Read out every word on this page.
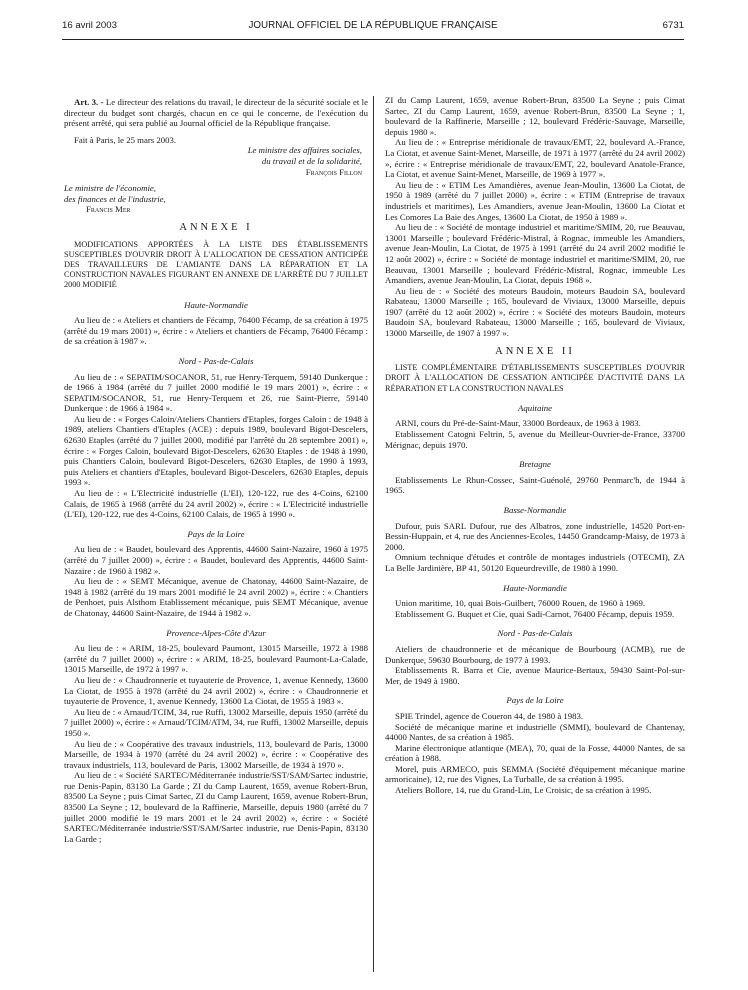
16 avril 2003	JOURNAL OFFICIEL DE LA RÉPUBLIQUE FRANÇAISE	6731

Art. 3. - Le directeur des relations du travail, le directeur de la sécurité sociale et le directeur du budget sont chargés, chacun en ce qui le concerne, de l'exécution du présent arrêté, qui sera publié au Journal officiel de la République française.

Fait à Paris, le 25 mars 2003.

Le ministre des affaires sociales,
du travail et de la solidarité,
François Fillon
Le ministre de l'économie,
des finances et de l'industrie,
Francis Mer
ANNEXE I

MODIFICATIONS APPORTÉES À LA LISTE DES ÉTABLISSEMENTS SUSCEPTIBLES D'OUVRIR DROIT À L'ALLOCATION DE CESSATION ANTICIPÉE DES TRAVAILLEURS DE L'AMIANTE DANS LA RÉPARATION ET LA CONSTRUCTION NAVALES FIGURANT EN ANNEXE DE L'ARRÊTÉ DU 7 JUILLET 2000 MODIFIÉ

Haute-Normandie

Au lieu de : « Ateliers et chantiers de Fécamp, 76400 Fécamp, de sa création à 1975 (arrêté du 19 mars 2001) », écrire : « Ateliers et chantiers de Fécamp, 76400 Fécamp : de sa création à 1987 ».

Nord - Pas-de-Calais

Au lieu de : « SEPATIM/SOCANOR, 51, rue Henry-Terquem, 59140 Dunkerque : de 1966 à 1984 (arrêté du 7 juillet 2000 modifié le 19 mars 2001) », écrire : « SEPATIM/SOCANOR, 51, rue Henry-Terquem et 26, rue Saint-Pierre, 59140 Dunkerque : de 1966 à 1984 ».

Au lieu de : « Forges Caloin/Ateliers Chantiers d'Etaples, forges Caloin : de 1948 à 1989, ateliers Chantiers d'Etaples (ACE) : depuis 1989, boulevard Bigot-Descelers, 62630 Etaples (arrêté du 7 juillet 2000, modifié par l'arrêté du 28 septembre 2001) », écrire : « Forges Caloin, boulevard Bigot-Descelers, 62630 Etaples : de 1948 à 1990, puis Chantiers Caloin, boulevard Bigot-Descelers, 62630 Etaples, de 1990 à 1993, puis Ateliers et chantiers d'Etaples, boulevard Bigot-Descelers, 62630 Etaples, depuis 1993 ».

Au lieu de : « L'Electricité industrielle (L'EI), 120-122, rue des 4-Coins, 62100 Calais, de 1965 à 1968 (arrêté du 24 avril 2002) », écrire : « L'Electricité industrielle (L'EI), 120-122, rue des 4-Coins, 62100 Calais, de 1965 à 1990 ».

Pays de la Loire

Au lieu de : « Baudet, boulevard des Apprentis, 44600 Saint-Nazaire, 1960 à 1975 (arrêté du 7 juillet 2000) », écrire : « Baudet, boulevard des Apprentis, 44600 Saint-Nazaire : de 1960 à 1982 ».

Au lieu de : « SEMT Mécanique, avenue de Chatonay, 44600 Saint-Nazaire, de 1948 à 1982 (arrêté du 19 mars 2001 modifié le 24 avril 2002) », écrire : « Chantiers de Penhoet, puis Alsthom Etablissement mécanique, puis SEMT Mécanique, avenue de Chatonay, 44600 Saint-Nazaire, de 1944 à 1982 ».

Provence-Alpes-Côte d'Azur

Au lieu de : « ARIM, 18-25, boulevard Paumont, 13015 Marseille, 1972 à 1988 (arrêté du 7 juillet 2000) », écrire : « ARIM, 18-25, boulevard Paumont-La-Calade, 13015 Marseille, de 1972 à 1997 ».

Au lieu de : « Chaudronnerie et tuyauterie de Provence, 1, avenue Kennedy, 13600 La Ciotat, de 1955 à 1978 (arrêté du 24 avril 2002) », écrire : « Chaudronnerie et tuyauterie de Provence, 1, avenue Kennedy, 13600 La Ciotat, de 1955 à 1983 ».

Au lieu de : « Arnaud/TCIM, 34, rue Ruffi, 13002 Marseille, depuis 1950 (arrêté du 7 juillet 2000) », écrire : « Arnaud/TCIM/ATM, 34, rue Ruffi, 13002 Marseille, depuis 1950 ».

Au lieu de : « Coopérative des travaux industriels, 113, boulevard de Paris, 13000 Marseille, de 1934 à 1970 (arrêté du 24 avril 2002) », écrire : « Coopérative des travaux industriels, 113, boulevard de Paris, 13002 Marseille, de 1934 à 1970 ».

Au lieu de : « Société SARTEC/Méditerranée industrie/SST/SAM/Sartec industrie, rue Denis-Papin, 83130 La Garde ; ZI du Camp Laurent, 1659, avenue Robert-Brun, 83500 La Seyne ; puis Cimat Sartec, ZI du Camp Laurent, 1659, avenue Robert-Brun, 83500 La Seyne ; 12, boulevard de la Raffinerie, Marseille, depuis 1980 (arrêté du 7 juillet 2000 modifié le 19 mars 2001 et le 24 avril 2002) », écrire : « Société SARTEC/Méditerranée industrie/SST/SAM/Sartec industrie, rue Denis-Papin, 83130 La Garde ;

ZI du Camp Laurent, 1659, avenue Robert-Brun, 83500 La Seyne ; puis Cimat Sartec, ZI du Camp Laurent, 1659, avenue Robert-Brun, 83500 La Seyne ; 1, boulevard de la Raffinerie, Marseille ; 12, boulevard Frédéric-Sauvage, Marseille, depuis 1980 ».

Au lieu de : « Entreprise méridionale de travaux/EMT, 22, boulevard A.-France, La Ciotat, et avenue Saint-Menet, Marseille, de 1971 à 1977 (arrêté du 24 avril 2002) », écrire : « Entreprise méridionale de travaux/EMT, 22, boulevard Anatole-France, La Ciotat, et avenue Saint-Menet, Marseille, de 1969 à 1977 ».

Au lieu de : « ETIM Les Amandières, avenue Jean-Moulin, 13600 La Ciotat, de 1950 à 1989 (arrêté du 7 juillet 2000) », écrire : « ETIM (Entreprise de travaux industriels et maritimes), Les Amandiers, avenue Jean-Moulin, 13600 La Ciotat et Les Comores La Baie des Anges, 13600 La Ciotat, de 1950 à 1989 ».

Au lieu de : « Société de montage industriel et maritime/SMIM, 20, rue Beauvau, 13001 Marseille ; boulevard Frédéric-Mistral, à Rognac, immeuble les Amandiers, avenue Jean-Moulin, La Ciotat, de 1975 à 1991 (arrêté du 24 avril 2002 modifié le 12 août 2002) », écrire : « Société de montage industriel et maritime/SMIM, 20, rue Beauvau, 13001 Marseille ; boulevard Frédéric-Mistral, Rognac, immeuble Les Amandiers, avenue Jean-Moulin, La Ciotat, depuis 1968 ».

Au lieu de : « Société des moteurs Baudoin, moteurs Baudoin SA, boulevard Rabateau, 13000 Marseille ; 165, boulevard de Viviaux, 13000 Marseille, depuis 1907 (arrêté du 12 août 2002) », écrire : « Société des moteurs Baudoin, moteurs Baudoin SA, boulevard Rabateau, 13000 Marseille ; 165, boulevard de Viviaux, 13000 Marseille, de 1907 à 1997 ».

ANNEXE II

LISTE COMPLÉMENTAIRE D'ÉTABLISSEMENTS SUSCEPTIBLES D'OUVRIR DROIT À L'ALLOCATION DE CESSATION ANTICIPÉE D'ACTIVITÉ DANS LA RÉPARATION ET LA CONSTRUCTION NAVALES

Aquitaine

ARNI, cours du Pré-de-Saint-Maur, 33000 Bordeaux, de 1963 à 1983.

Etablissement Catogni Feltrin, 5, avenue du Meilleur-Ouvrier-de-France, 33700 Mérignac, depuis 1970.

Bretagne

Etablissements Le Rhun-Cossec, Saint-Guénolé, 29760 Penmarc'h, de 1944 à 1965.

Basse-Normandie

Dufour, puis SARL Dufour, rue des Albatros, zone industrielle, 14520 Port-en-Bessin-Huppain, et 4, rue des Anciennes-Ecoles, 14450 Grandcamp-Maisy, de 1973 à 2000.

Omnium technique d'études et contrôle de montages industriels (OTECMI), ZA La Belle Jardinière, BP 41, 50120 Equeurdreville, de 1980 à 1990.

Haute-Normandie

Union maritime, 10, quai Bois-Guilbert, 76000 Rouen, de 1960 à 1969.

Etablissement G. Buquet et Cie, quai Sadi-Carnot, 76400 Fécamp, depuis 1959.

Nord - Pas-de-Calais

Ateliers de chaudronnerie et de mécanique de Bourbourg (ACMB), rue de Dunkerque, 59630 Bourbourg, de 1977 à 1993.

Etablissements R. Barra et Cie, avenue Maurice-Bertaux, 59430 Saint-Pol-sur-Mer, de 1949 à 1980.

Pays de la Loire

SPIE Trindel, agence de Coueron 44, de 1980 à 1983.

Société de mécanique marine et industrielle (SMMI), boulevard de Chantenay, 44000 Nantes, de sa création à 1985.

Marine électronique atlantique (MEA), 70, quai de la Fosse, 44000 Nantes, de sa création à 1988.

Morel, puis ARMECO, puis SEMMA (Société d'équipement mécanique marine armoricaine), 12, rue des Vignes, La Turballe, de sa création à 1995.

Ateliers Bollore, 14, rue du Grand-Lin, Le Croisic, de sa création à 1995.
